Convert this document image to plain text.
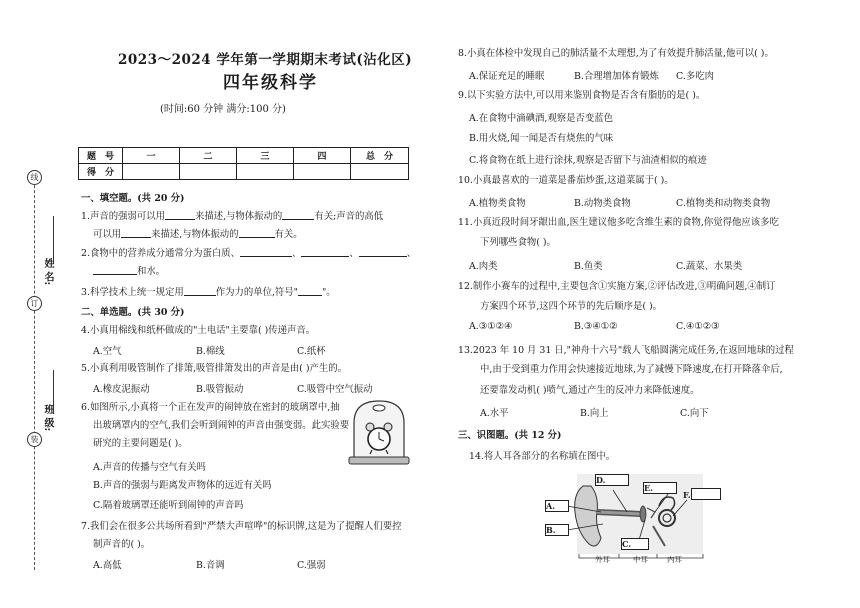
线
订
装
姓 名:
班 级:
2023～2024 学年第一学期期末考试(沾化区)
四年级科学
(时间:60 分钟 满分:100 分)
题　号	一	二	三	四	总　分
得　分					
一、填空题。(共 20 分)
1.声音的强弱可以用	来描述,与物体振动的	有关;声音的高低
可以用	来描述,与物体振动的	有关。
2.食物中的营养成分通常分为蛋白质、	、	、	、
和水。
3.科学技术上统一规定用	作为力的单位,符号"	"。
二、单选题。(共 30 分)
4.小真用棉线和纸杯做成的"土电话"主要靠( )传递声音。
A.空气	B.棉线	C.纸杯
5.小真利用吸管制作了排箫,吸管排箫发出的声音是由( )产生的。
A.橡皮泥振动	B.吸管振动	C.吸管中空气振动
6.如图所示,小真将一个正在发声的闹钟放在密封的玻璃罩中,抽
出玻璃罩内的空气,我们会听到闹钟的声音由强变弱。此实验要
研究的主要问题是( )。
A.声音的传播与空气有关吗
B.声音的强弱与距离发声物体的远近有关吗
C.隔着玻璃罩还能听到闹钟的声音吗
7.我们会在很多公共场所看到"严禁大声喧哗"的标识牌,这是为了提醒人们要控
制声音的( )。
A.高低	B.音调	C.强弱
8.小真在体检中发现自己的肺活量不太理想,为了有效提升肺活量,他可以( )。
A.保证充足的睡眠	B.合理增加体育锻炼 C.多吃肉
9.以下实验方法中,可以用来鉴别食物是否含有脂肪的是( )。
A.在食物中滴碘酒,观察是否变蓝色
B.用火烧,闻一闻是否有烧焦的气味
C.将食物在纸上进行涂抹,观察是否留下与油渣相似的痕迹
10.小真最喜欢的一道菜是番茄炒蛋,这道菜属于( )。
A.植物类食物	B.动物类食物	C.植物类和动物类食物
11.小真近段时间牙龈出血,医生建议他多吃含维生素的食物,你觉得他应该多吃
下列哪些食物( )。
A.肉类	B.鱼类	C.蔬菜、水果类
12.制作小赛车的过程中,主要包含①实施方案,②评估改进,③明确问题,④制订
方案四个环节,这四个环节的先后顺序是( )。
A.③①②④	B.③④①②	C.④①②③
13.2023 年 10 月 31 日,"神舟十六号"载人飞船圆满完成任务,在返回地球的过程
中,由于受到重力作用会快速接近地球,为了减慢下降速度,在打开降落伞后,
还要靠发动机( )喷气,通过产生的反冲力来降低速度。
A.水平	B.向上	C.向下
三、识图题。(共 12 分)
14.将人耳各部分的名称填在图中。
A.
B.
C.
D.
E.
F.
外耳	中耳	内耳
